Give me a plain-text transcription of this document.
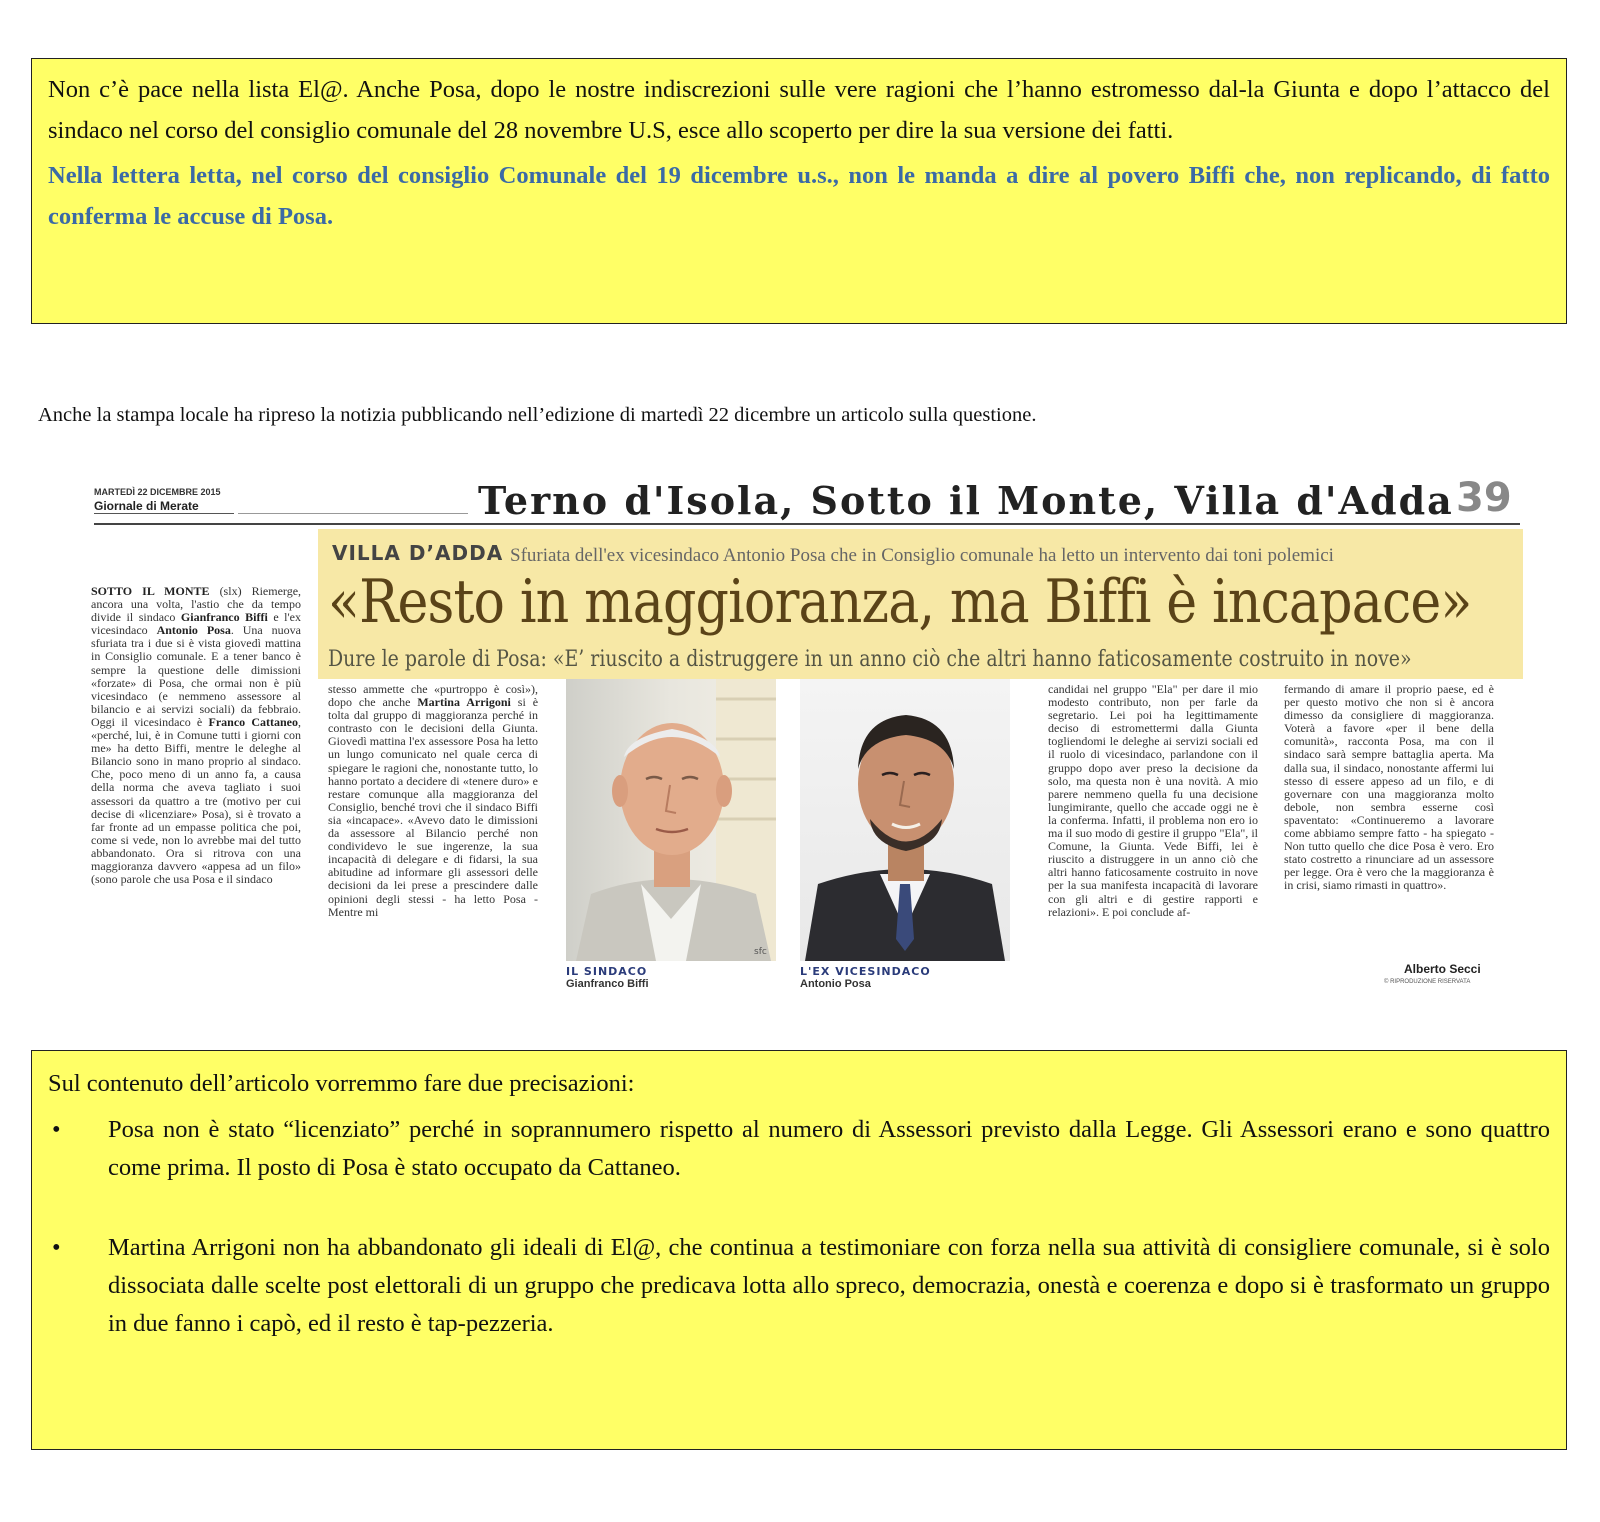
Non c’è pace nella lista El@. Anche Posa, dopo le nostre indiscrezioni sulle vere ragioni che l’hanno estromesso dal-la Giunta e dopo l’attacco del sindaco nel corso del consiglio comunale del 28 novembre U.S, esce allo scoperto per dire la sua versione dei fatti.

Nella lettera letta, nel corso del consiglio Comunale del 19 dicembre u.s., non le manda a dire al povero Biffi che, non replicando, di fatto conferma le accuse di Posa.

Anche la stampa locale ha ripreso la notizia pubblicando nell’edizione di martedì 22 dicembre un articolo sulla questione.
MARTEDÌ 22 DICEMBRE 2015
Giornale di Merate	Terno d'Isola, Sotto il Monte, Villa d'Adda 39
VILLA D’ADDA Sfuriata dell'ex vicesindaco Antonio Posa che in Consiglio comunale ha letto un intervento dai toni polemici
«Resto in maggioranza, ma Biffi è incapace»
Dure le parole di Posa: «E’ riuscito a distruggere in un anno ciò che altri hanno faticosamente costruito in nove»
SOTTO IL MONTE (slx) Riemerge, ancora una volta, l'astio che da tempo divide il sindaco Gianfranco Biffi e l'ex vicesindaco Antonio Posa. Una nuova sfuriata tra i due si è vista giovedì mattina in Consiglio comunale. E a tener banco è sempre la questione delle dimissioni «forzate» di Posa, che ormai non è più vicesindaco (e nemmeno assessore al bilancio e ai servizi sociali) da febbraio. Oggi il vicesindaco è Franco Cattaneo, «perché, lui, è in Comune tutti i giorni con me» ha detto Biffi, mentre le deleghe al Bilancio sono in mano proprio al sindaco. Che, poco meno di un anno fa, a causa della norma che aveva tagliato i suoi assessori da quattro a tre (motivo per cui decise di «licenziare» Posa), si è trovato a far fronte ad un empasse politica che poi, come si vede, non lo avrebbe mai del tutto abbandonato. Ora si ritrova con una maggioranza davvero «appesa ad un filo» (sono parole che usa Posa e il sindaco
stesso ammette che «purtroppo è così»), dopo che anche Martina Arrigoni si è tolta dal gruppo di maggioranza perché in contrasto con le decisioni della Giunta. Giovedì mattina l'ex assessore Posa ha letto un lungo comunicato nel quale cerca di spiegare le ragioni che, nonostante tutto, lo hanno portato a decidere di «tenere duro» e restare comunque alla maggioranza del Consiglio, benché trovi che il sindaco Biffi sia «incapace». «Avevo dato le dimissioni da assessore al Bilancio perché non condividevo le sue ingerenze, la sua incapacità di delegare e di fidarsi, la sua abitudine ad informare gli assessori delle decisioni da lei prese a prescindere dalle opinioni degli stessi - ha letto Posa - Mentre mi
sfc
IL SINDACO
Gianfranco Biffi
L'EX VICESINDACO
Antonio Posa
candidai nel gruppo "Ela" per dare il mio modesto contributo, non per farle da segretario. Lei poi ha legittimamente deciso di estromettermi dalla Giunta togliendomi le deleghe ai servizi sociali ed il ruolo di vicesindaco, parlandone con il gruppo dopo aver preso la decisione da solo, ma questa non è una novità. A mio parere nemmeno quella fu una decisione lungimirante, quello che accade oggi ne è la conferma. Infatti, il problema non ero io ma il suo modo di gestire il gruppo "Ela", il Comune, la Giunta. Vede Biffi, lei è riuscito a distruggere in un anno ciò che altri hanno faticosamente costruito in nove per la sua manifesta incapacità di lavorare con gli altri e di gestire rapporti e relazioni». E poi conclude af-
fermando di amare il proprio paese, ed è per questo motivo che non si è ancora dimesso da consigliere di maggioranza. Voterà a favore «per il bene della comunità», racconta Posa, ma con il sindaco sarà sempre battaglia aperta. Ma dalla sua, il sindaco, nonostante affermi lui stesso di essere appeso ad un filo, e di governare con una maggioranza molto debole, non sembra esserne così spaventato: «Continueremo a lavorare come abbiamo sempre fatto - ha spiegato - Non tutto quello che dice Posa è vero. Ero stato costretto a rinunciare ad un assessore per legge. Ora è vero che la maggioranza è in crisi, siamo rimasti in quattro».
Alberto Secci
© RIPRODUZIONE RISERVATA

Sul contenuto dell’articolo vorremmo fare due precisazioni:

• Posa non è stato “licenziato” perché in soprannumero rispetto al numero di Assessori previsto dalla Legge. Gli Assessori erano e sono quattro come prima. Il posto di Posa è stato occupato da Cattaneo.
• Martina Arrigoni non ha abbandonato gli ideali di El@, che continua a testimoniare con forza nella sua attività di consigliere comunale, si è solo dissociata dalle scelte post elettorali di un gruppo che predicava lotta allo spreco, democrazia, onestà e coerenza e dopo si è trasformato un gruppo in due fanno i capò, ed il resto è tap-pezzeria.
